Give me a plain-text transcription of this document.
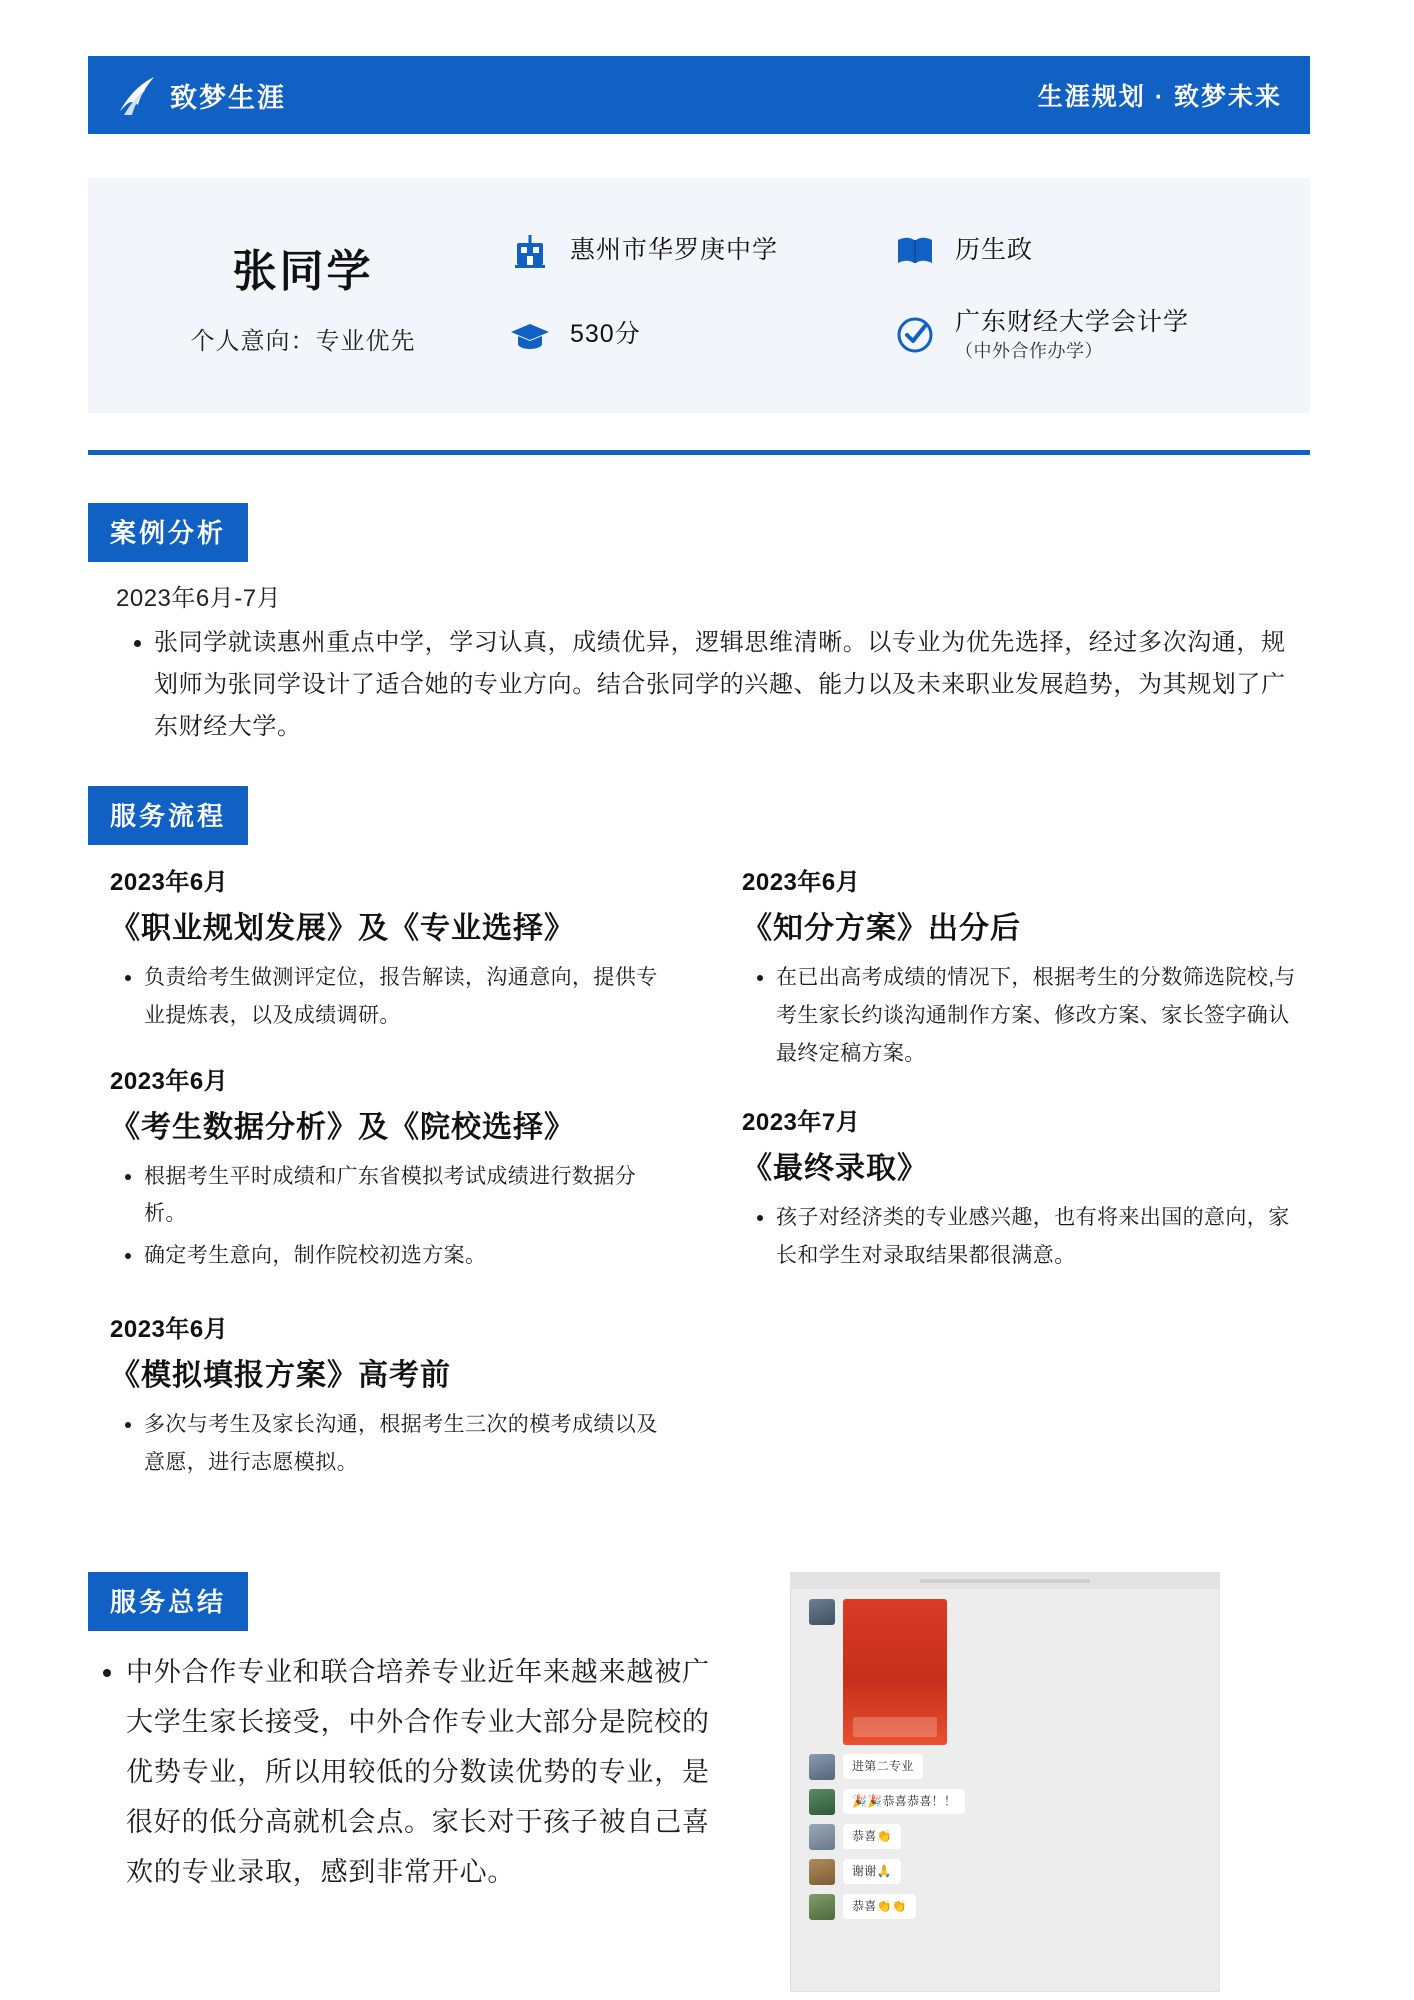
致梦生涯	生涯规划 · 致梦未来
张同学
个人意向：专业优先
惠州市华罗庚中学	历生政
530分	广东财经大学会计学
（中外合作办学）
案例分析
2023年6月-7月
• 张同学就读惠州重点中学，学习认真，成绩优异，逻辑思维清晰。以专业为优先选择，经过多次沟通，规划师为张同学设计了适合她的专业方向。结合张同学的兴趣、能力以及未来职业发展趋势，为其规划了广东财经大学。
服务流程
2023年6月
《职业规划发展》及《专业选择》
• 负责给考生做测评定位，报告解读，沟通意向，提供专业提炼表，以及成绩调研。
2023年6月
《考生数据分析》及《院校选择》
• 根据考生平时成绩和广东省模拟考试成绩进行数据分析。
• 确定考生意向，制作院校初选方案。
2023年6月
《模拟填报方案》高考前
• 多次与考生及家长沟通，根据考生三次的模考成绩以及意愿，进行志愿模拟。
2023年6月
《知分方案》出分后
• 在已出高考成绩的情况下，根据考生的分数筛选院校,与考生家长约谈沟通制作方案、修改方案、家长签字确认最终定稿方案。
2023年7月
《最终录取》
• 孩子对经济类的专业感兴趣，也有将来出国的意向，家长和学生对录取结果都很满意。
服务总结
• 中外合作专业和联合培养专业近年来越来越被广大学生家长接受，中外合作专业大部分是院校的优势专业，所以用较低的分数读优势的专业，是很好的低分高就机会点。家长对于孩子被自己喜欢的专业录取，感到非常开心。
进第二专业
🎉🎉恭喜恭喜！！
恭喜👏
谢谢🙏
恭喜👏👏
